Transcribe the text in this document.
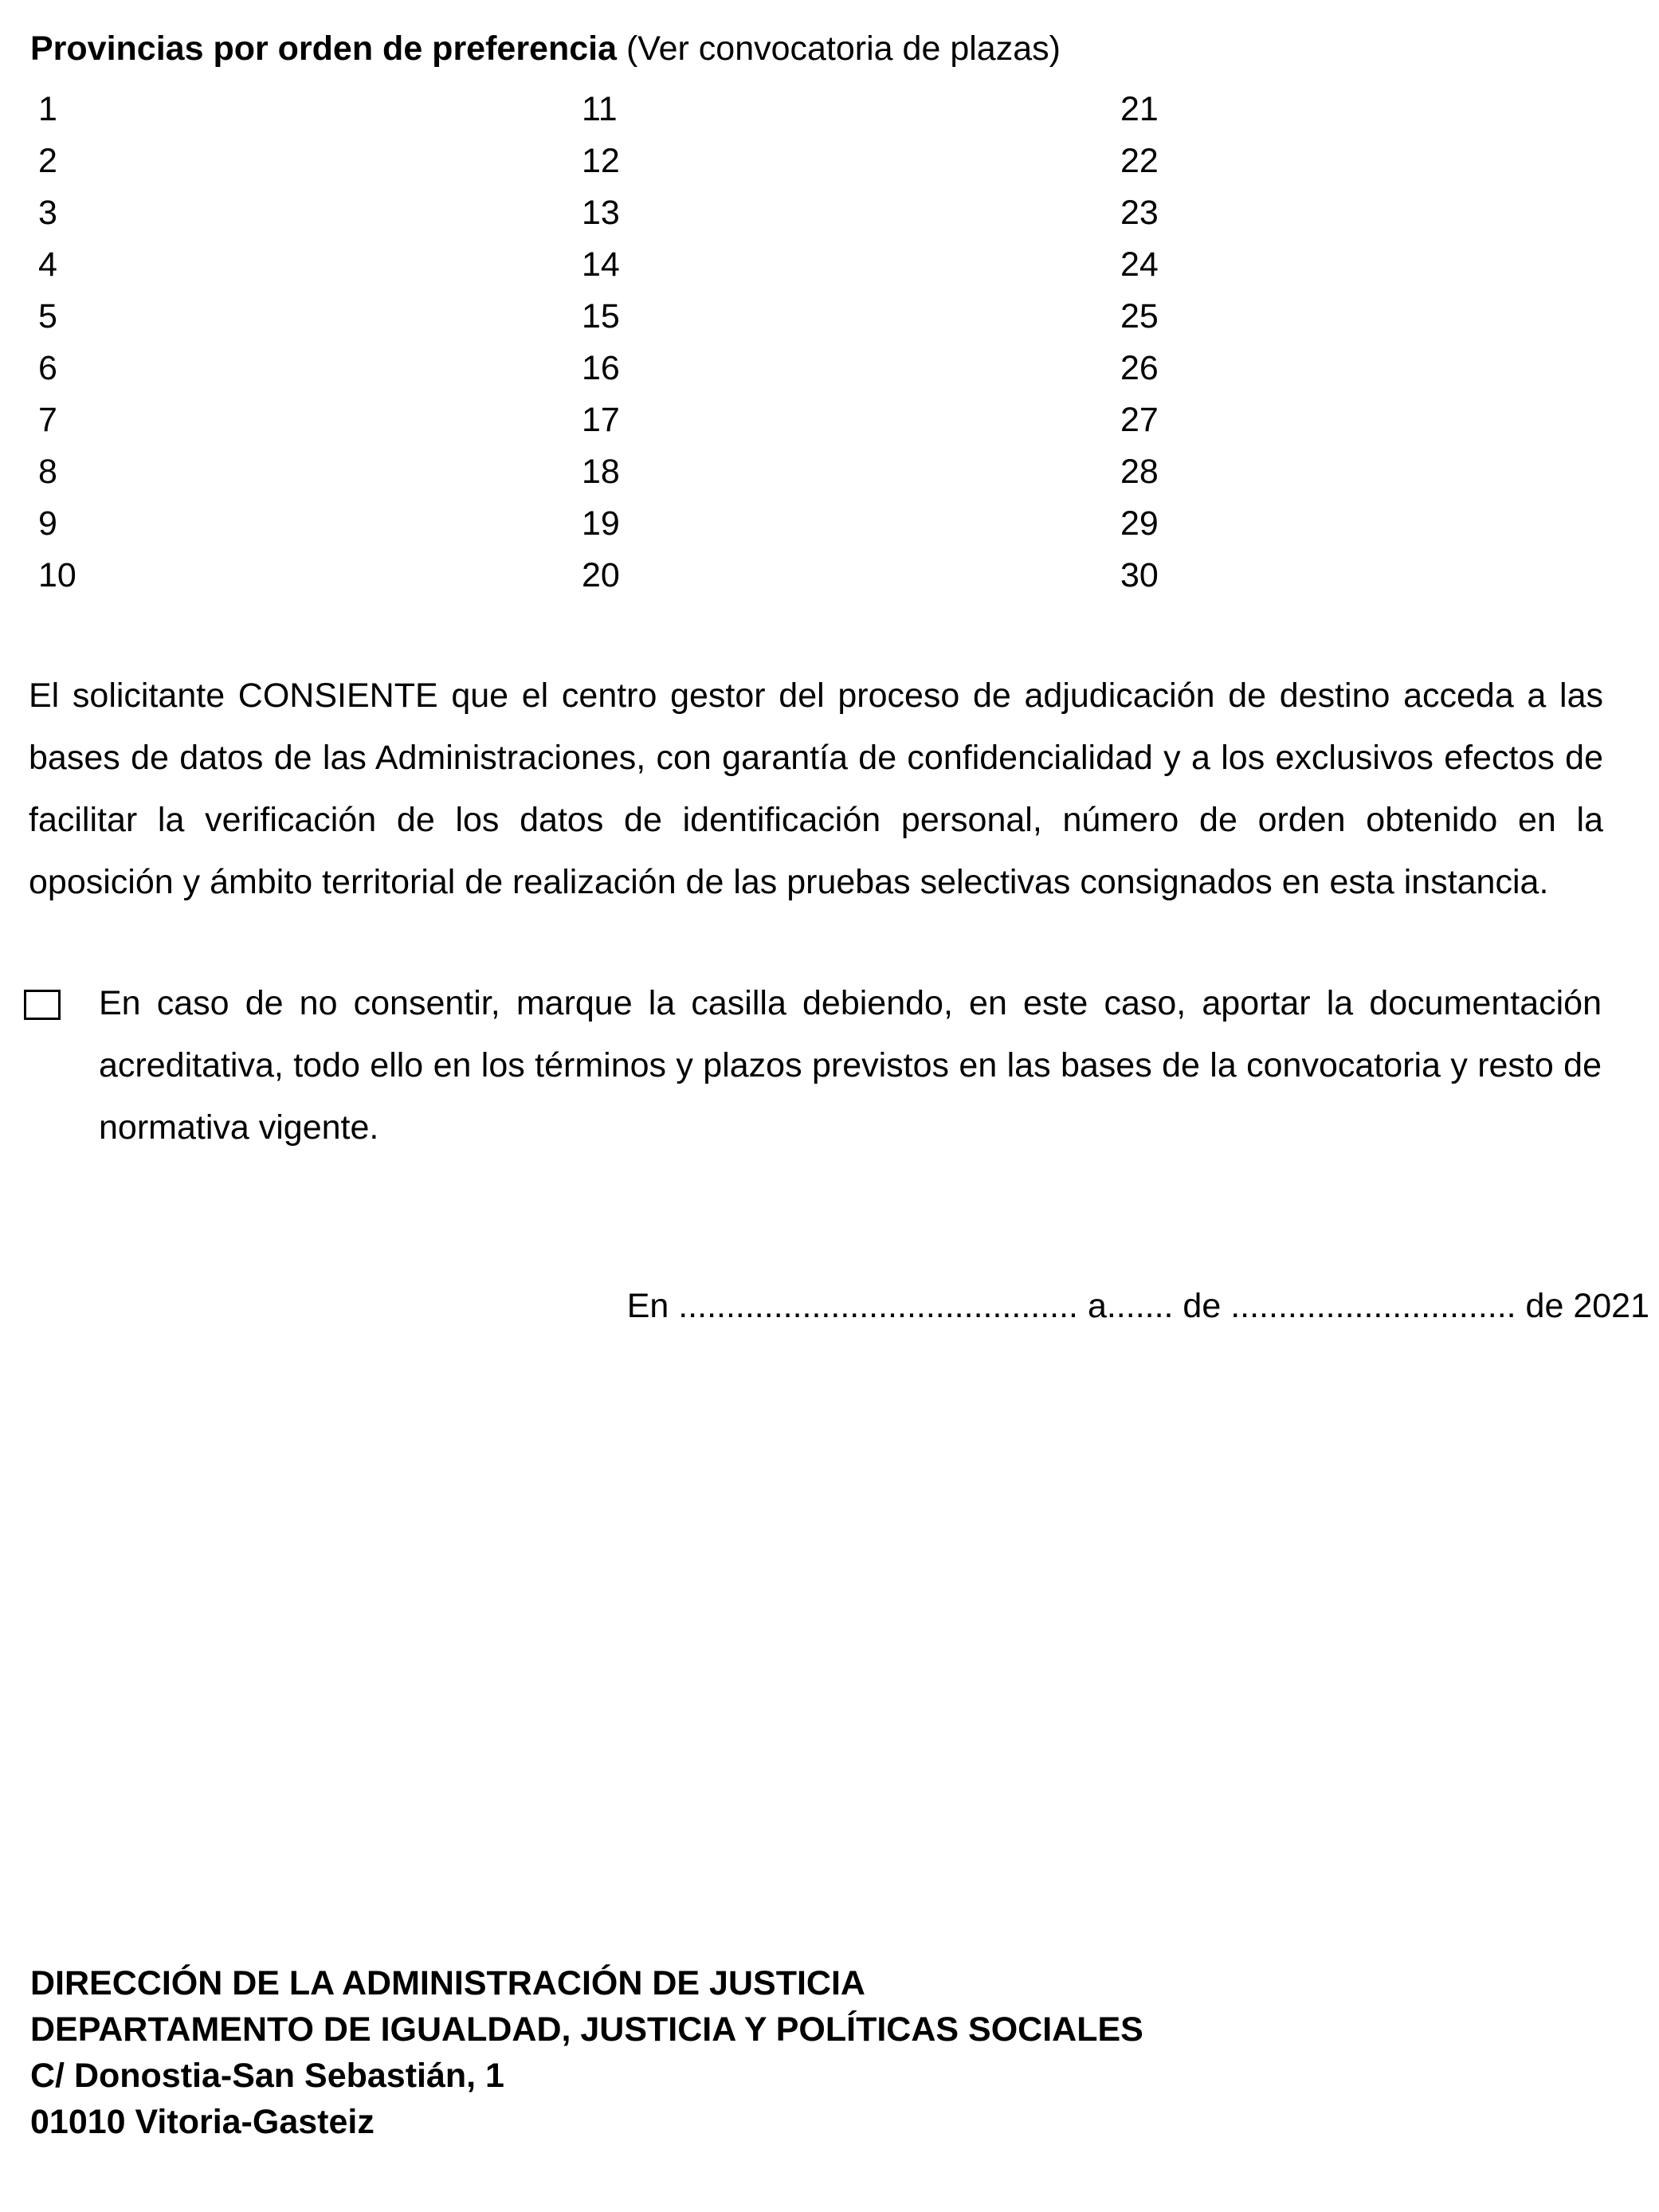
Provincias por orden de preferencia (Ver convocatoria de plazas)
1
2
3
4
5
6
7
8
9
10
11
12
13
14
15
16
17
18
19
20
21
22
23
24
25
26
27
28
29
30

El solicitante CONSIENTE que el centro gestor del proceso de adjudicación de destino acceda a las bases de datos de las Administraciones, con garantía de confidencialidad y a los exclusivos efectos de facilitar la verificación de los datos de identificación personal, número de orden obtenido en la oposición y ámbito territorial de realización de las pruebas selectivas consignados en esta instancia.

En caso de no consentir, marque la casilla debiendo, en este caso, aportar la documentación acreditativa, todo ello en los términos y plazos previstos en las bases de la convocatoria y resto de normativa vigente.

En .......................................... a....... de .............................. de 2021
DIRECCIÓN DE LA ADMINISTRACIÓN DE JUSTICIA
DEPARTAMENTO DE IGUALDAD, JUSTICIA Y POLÍTICAS SOCIALES
C/ Donostia-San Sebastián, 1
01010 Vitoria-Gasteiz
